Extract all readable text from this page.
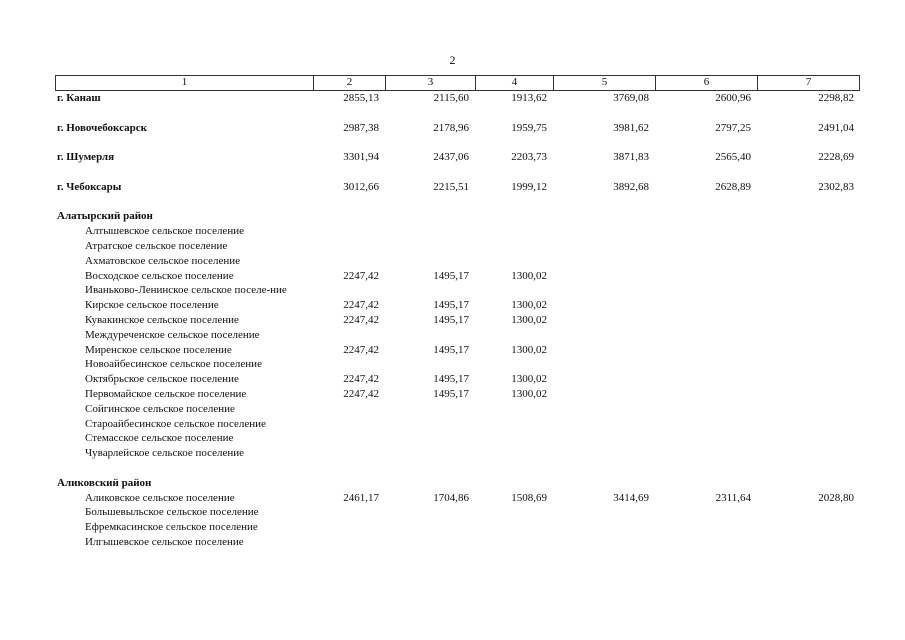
2
1	2	3	4	5	6	7
г. Канаш	2855,13	2115,60	1913,62	3769,08	2600,96	2298,82
г. Новочебоксарск	2987,38	2178,96	1959,75	3981,62	2797,25	2491,04
г. Шумерля	3301,94	2437,06	2203,73	3871,83	2565,40	2228,69
г. Чебоксары	3012,66	2215,51	1999,12	3892,68	2628,89	2302,83
Алатырский район
Алтышевское сельское поселение
Атратское сельское поселение
Ахматовское сельское поселение
Восходское сельское поселение	2247,42	1495,17	1300,02
Иваньково-Ленинское сельское поселе-ние
Кирское сельское поселение	2247,42	1495,17	1300,02
Кувакинское сельское поселение	2247,42	1495,17	1300,02
Междуреченское сельское поселение
Миренское сельское поселение	2247,42	1495,17	1300,02
Новоайбесинское сельское поселение
Октябрьское сельское поселение	2247,42	1495,17	1300,02
Первомайское сельское поселение	2247,42	1495,17	1300,02
Сойгинское сельское поселение
Староайбесинское сельское поселение
Стемасское сельское поселение
Чуварлейское сельское поселение
Аликовский район
Аликовское сельское поселение	2461,17	1704,86	1508,69	3414,69	2311,64	2028,80
Большевыльское сельское поселение
Ефремкасинское сельское поселение
Илгышевское сельское поселение
